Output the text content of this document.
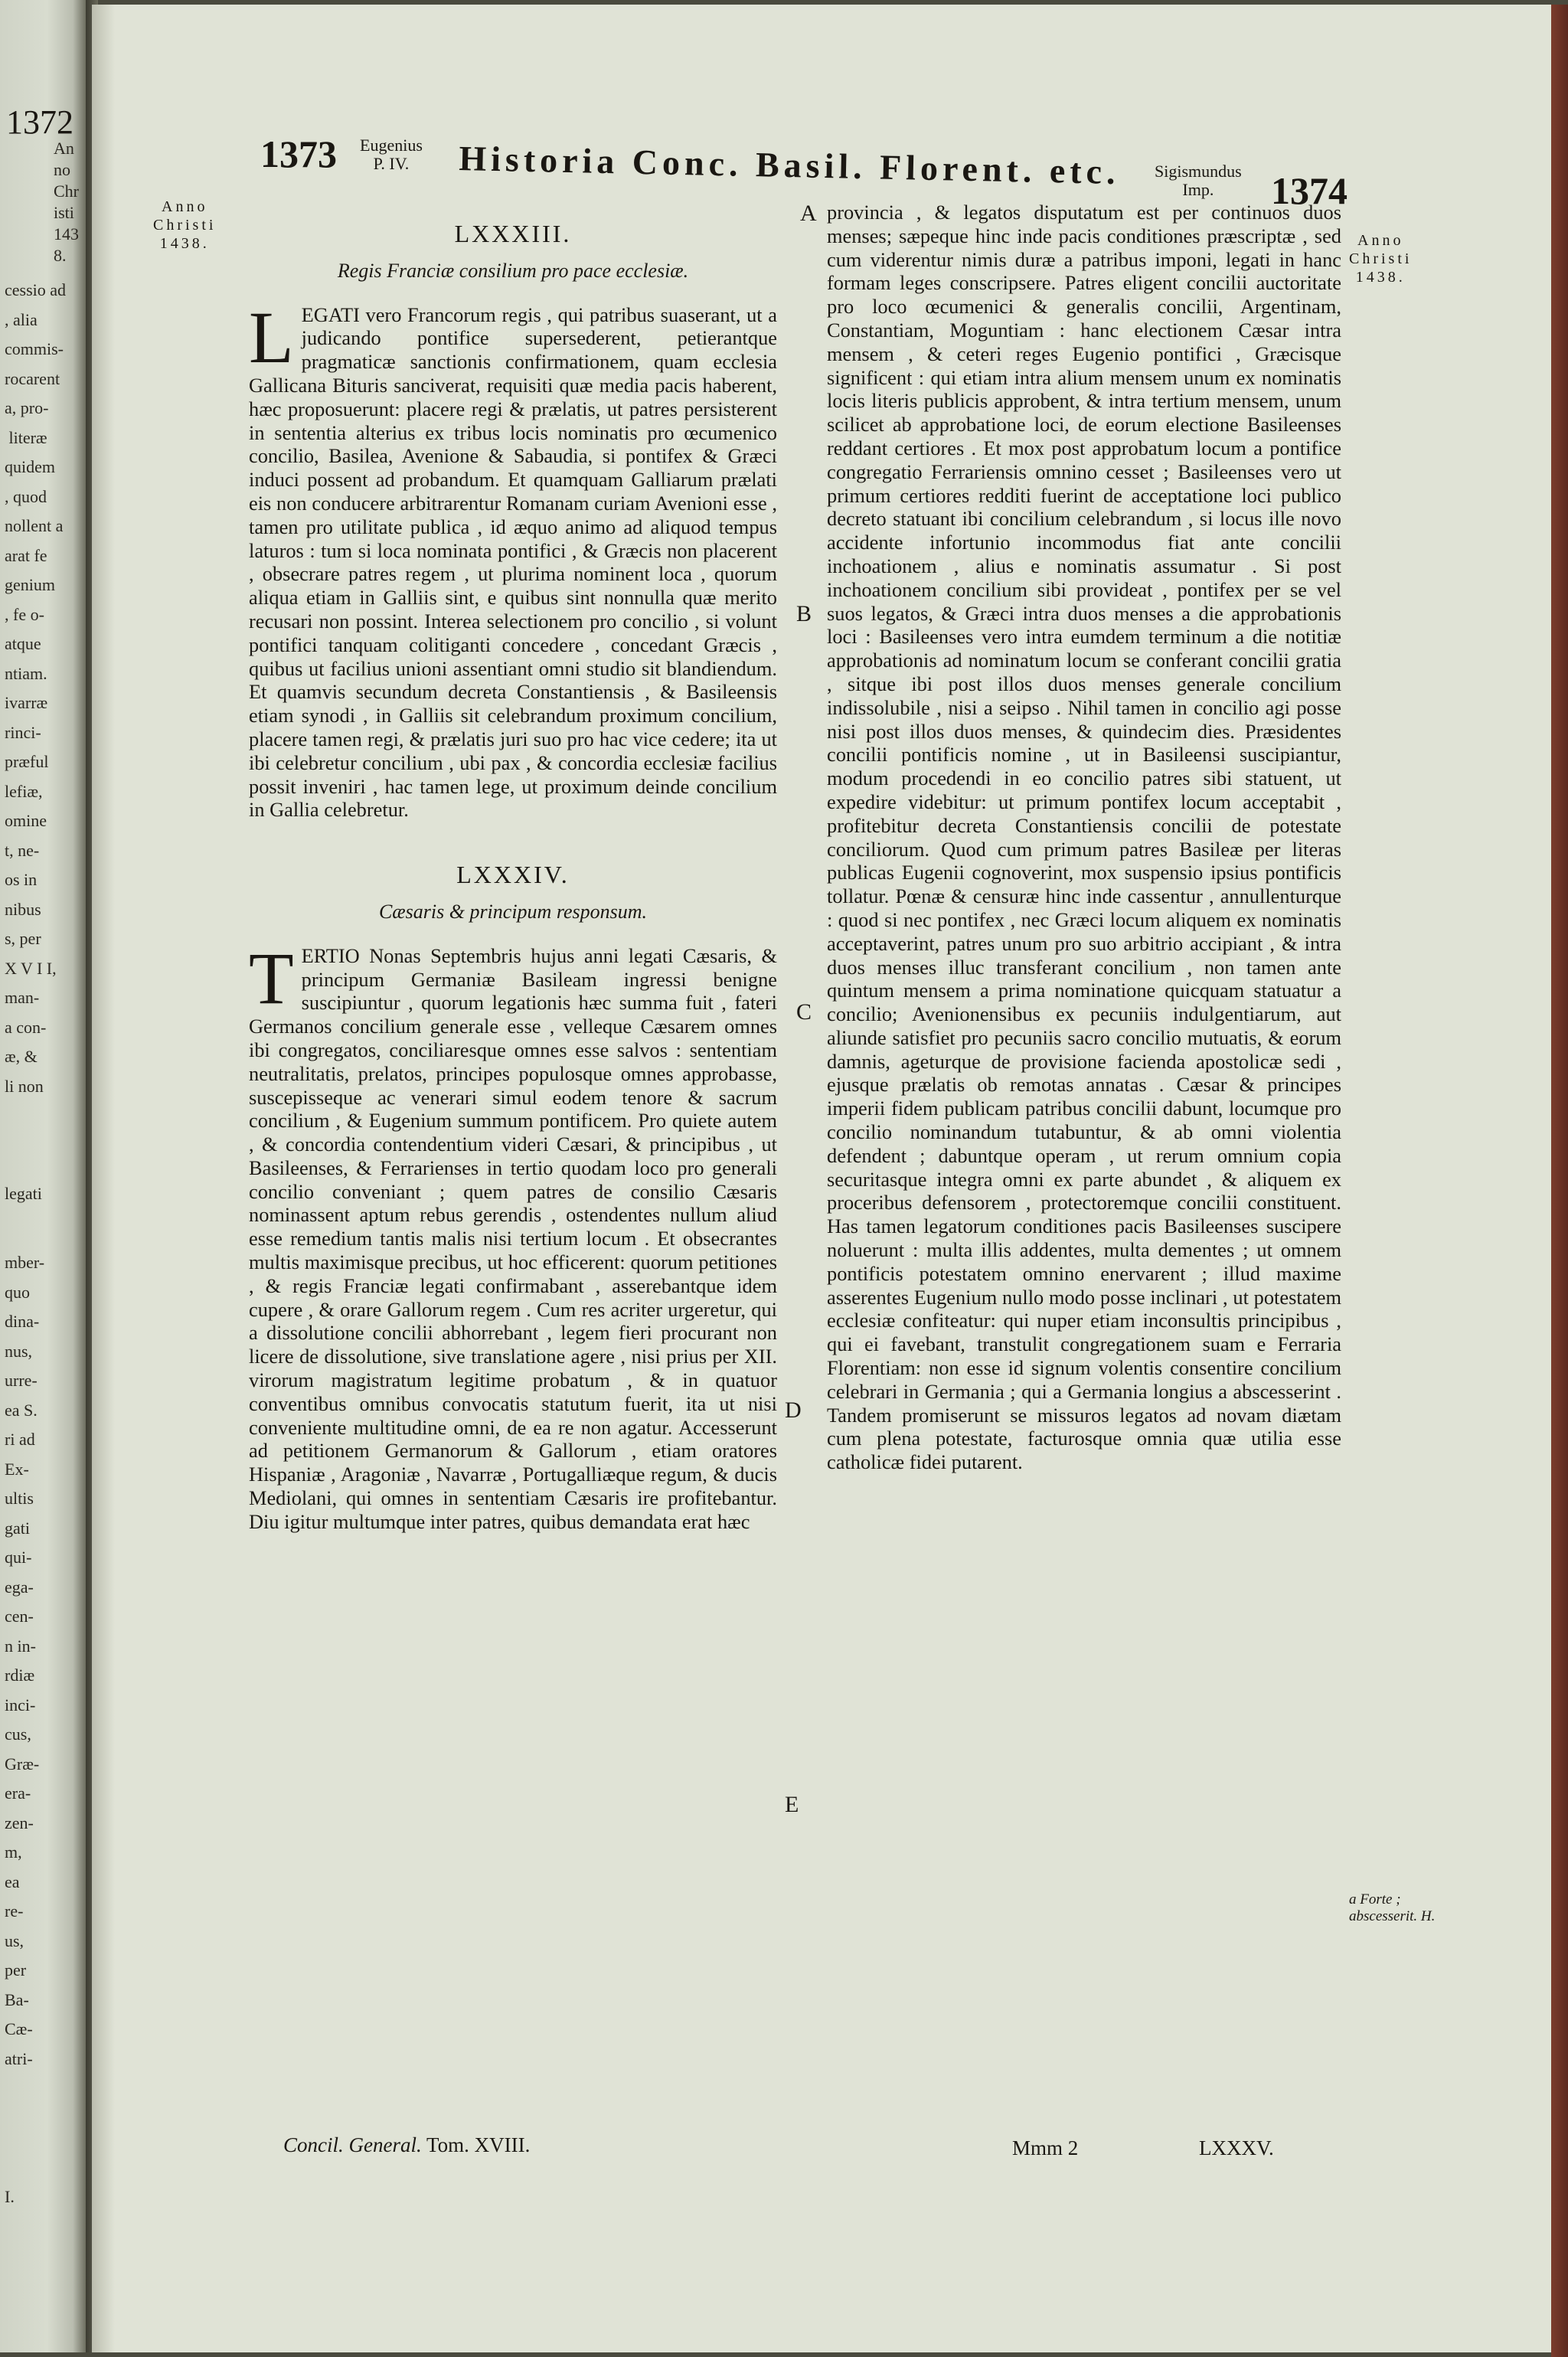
1372
Anno Christi 1438.
cessio ad
, alia
commis-
rocarent
a, pro-
literæ
quidem
, quod
nollent a
arat fe
genium
, fe o-
atque
ntiam.
ivarræ
rinci-
præful
lefiæ,
omine
t, ne-
os in
nibus
s, per
X V I I,
man-
a con-
æ, &
li non
legati
mber-
quo
dina-
nus,
urre-
ea S.
ri ad
Ex-
ultis
gati
qui-
ega-
cen-
n in-
rdiæ
inci-
cus,
Græ-
era-
zen-
m,
ea
re-
us,
per
Ba-
Cæ-
atri-
I.
1373 Eugenius
P. IV.	Historia Conc. Basil. Florent. etc. Sigismundus
Imp.	1374
Anno
Christi
1438.	Anno
Christi
1438.
LXXXIII.
Regis Franciæ consilium pro pace ecclesiæ.

LEGATI vero Francorum regis , qui patribus suaserant, ut a judicando pontifice supersederent, petierantque pragmaticæ sanctionis confirmationem, quam ecclesia Gallicana Bituris sanciverat, requisiti quæ media pacis haberent, hæc proposuerunt: placere regi & prælatis, ut patres persisterent in sententia alterius ex tribus locis nominatis pro œcumenico concilio, Basilea, Avenione & Sabaudia, si pontifex & Græci induci possent ad probandum. Et quamquam Galliarum prælati eis non conducere arbitrarentur Romanam curiam Avenioni esse , tamen pro utilitate publica , id æquo animo ad aliquod tempus laturos : tum si loca nominata pontifici , & Græcis non placerent , obsecrare patres regem , ut plurima nominent loca , quorum aliqua etiam in Galliis sint, e quibus sint nonnulla quæ merito recusari non possint. Interea selectionem pro concilio , si volunt pontifici tanquam colitiganti concedere , concedant Græcis , quibus ut facilius unioni assentiant omni studio sit blandiendum. Et quamvis secundum decreta Constantiensis , & Basileensis etiam synodi , in Galliis sit celebrandum proximum concilium, placere tamen regi, & prælatis juri suo pro hac vice cedere; ita ut ibi celebretur concilium , ubi pax , & concordia ecclesiæ facilius possit inveniri , hac tamen lege, ut proximum deinde concilium in Gallia celebretur.

LXXXIV.
Cæsaris & principum responsum.

TERTIO Nonas Septembris hujus anni legati Cæsaris, & principum Germaniæ Basileam ingressi benigne suscipiuntur , quorum legationis hæc summa fuit , fateri Germanos concilium generale esse , velleque Cæsarem omnes ibi congregatos, conciliaresque omnes esse salvos : sententiam neutralitatis, prelatos, principes populosque omnes approbasse, suscepisseque ac venerari simul eodem tenore & sacrum concilium , & Eugenium summum pontificem. Pro quiete autem , & concordia contendentium videri Cæsari, & principibus , ut Basileenses, & Ferrarienses in tertio quodam loco pro generali concilio conveniant ; quem patres de consilio Cæsaris nominassent aptum rebus gerendis , ostendentes nullum aliud esse remedium tantis malis nisi tertium locum . Et obsecrantes multis maximisque precibus, ut hoc efficerent: quorum petitiones , & regis Franciæ legati confirmabant , asserebantque idem cupere , & orare Gallorum regem . Cum res acriter urgeretur, qui a dissolutione concilii abhorrebant , legem fieri procurant non licere de dissolutione, sive translatione agere , nisi prius per XII. virorum magistratum legitime probatum , & in quatuor conventibus omnibus convocatis statutum fuerit, ita ut nisi conveniente multitudine omni, de ea re non agatur. Accesserunt ad petitionem Germanorum & Gallorum , etiam oratores Hispaniæ , Aragoniæ , Navarræ , Portugalliæque regum, & ducis Mediolani, qui omnes in sententiam Cæsaris ire profitebantur. Diu igitur multumque inter patres, quibus demandata erat hæc

A
B
C
D
E

provincia , & legatos disputatum est per continuos duos menses; sæpeque hinc inde pacis conditiones præscriptæ , sed cum viderentur nimis duræ a patribus imponi, legati in hanc formam leges conscripsere. Patres eligent concilii auctoritate pro loco œcumenici & generalis concilii, Argentinam, Constantiam, Moguntiam : hanc electionem Cæsar intra mensem , & ceteri reges Eugenio pontifici , Græcisque significent : qui etiam intra alium mensem unum ex nominatis locis literis publicis approbent, & intra tertium mensem, unum scilicet ab approbatione loci, de eorum electione Basileenses reddant certiores . Et mox post approbatum locum a pontifice congregatio Ferrariensis omnino cesset ; Basileenses vero ut primum certiores redditi fuerint de acceptatione loci publico decreto statuant ibi concilium celebrandum , si locus ille novo accidente infortunio incommodus fiat ante concilii inchoationem , alius e nominatis assumatur . Si post inchoationem concilium sibi provideat , pontifex per se vel suos legatos, & Græci intra duos menses a die approbationis loci : Basileenses vero intra eumdem terminum a die notitiæ approbationis ad nominatum locum se conferant concilii gratia , sitque ibi post illos duos menses generale concilium indissolubile , nisi a seipso . Nihil tamen in concilio agi posse nisi post illos duos menses, & quindecim dies. Præsidentes concilii pontificis nomine , ut in Basileensi suscipiantur, modum procedendi in eo concilio patres sibi statuent, ut expedire videbitur: ut primum pontifex locum acceptabit , profitebitur decreta Constantiensis concilii de potestate conciliorum. Quod cum primum patres Basileæ per literas publicas Eugenii cognoverint, mox suspensio ipsius pontificis tollatur. Pœnæ & censuræ hinc inde cassentur , annullenturque : quod si nec pontifex , nec Græci locum aliquem ex nominatis acceptaverint, patres unum pro suo arbitrio accipiant , & intra duos menses illuc transferant concilium , non tamen ante quintum mensem a prima nominatione quicquam statuatur a concilio; Avenionensibus ex pecuniis indulgentiarum, aut aliunde satisfiet pro pecuniis sacro concilio mutuatis, & eorum damnis, ageturque de provisione facienda apostolicæ sedi , ejusque prælatis ob remotas annatas . Cæsar & principes imperii fidem publicam patribus concilii dabunt, locumque pro concilio nominandum tutabuntur, & ab omni violentia defendent ; dabuntque operam , ut rerum omnium copia securitasque integra omni ex parte abundet , & aliquem ex proceribus defensorem , protectoremque concilii constituent. Has tamen legatorum conditiones pacis Basileenses suscipere noluerunt : multa illis addentes, multa dementes ; ut omnem pontificis potestatem omnino enervarent ; illud maxime asserentes Eugenium nullo modo posse inclinari , ut potestatem ecclesiæ confiteatur: qui nuper etiam inconsultis principibus , qui ei favebant, transtulit congregationem suam e Ferraria Florentiam: non esse id signum volentis consentire concilium celebrari in Germania ; qui a Germania longius a abscesserint . Tandem promiserunt se missuros legatos ad novam diætam cum plena potestate, facturosque omnia quæ utilia esse catholicæ fidei putarent.

a Forte ; abscesserit. H.
Concil. General. Tom. XVIII.	Mmm 2	LXXXV.
